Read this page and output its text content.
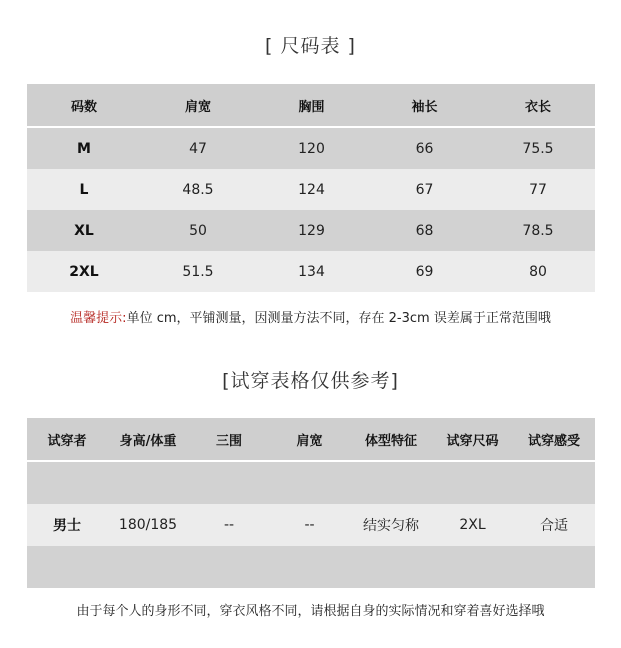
[ 尺码表 ]
码数	肩宽	胸围	袖长	衣长

M	47	120	66	75.5
L	48.5	124	67	77
XL	50	129	68	78.5
2XL	51.5	134	69	80
温馨提示:单位 cm，平铺测量，因测量方法不同，存在 2-3cm 误差属于正常范围哦
[试穿表格仅供参考]
试穿者	身高/体重	三围	肩宽	体型特征	试穿尺码	试穿感受

男士	180/185	--	--	结实匀称	2XL	合适

由于每个人的身形不同，穿衣风格不同，请根据自身的实际情况和穿着喜好选择哦
